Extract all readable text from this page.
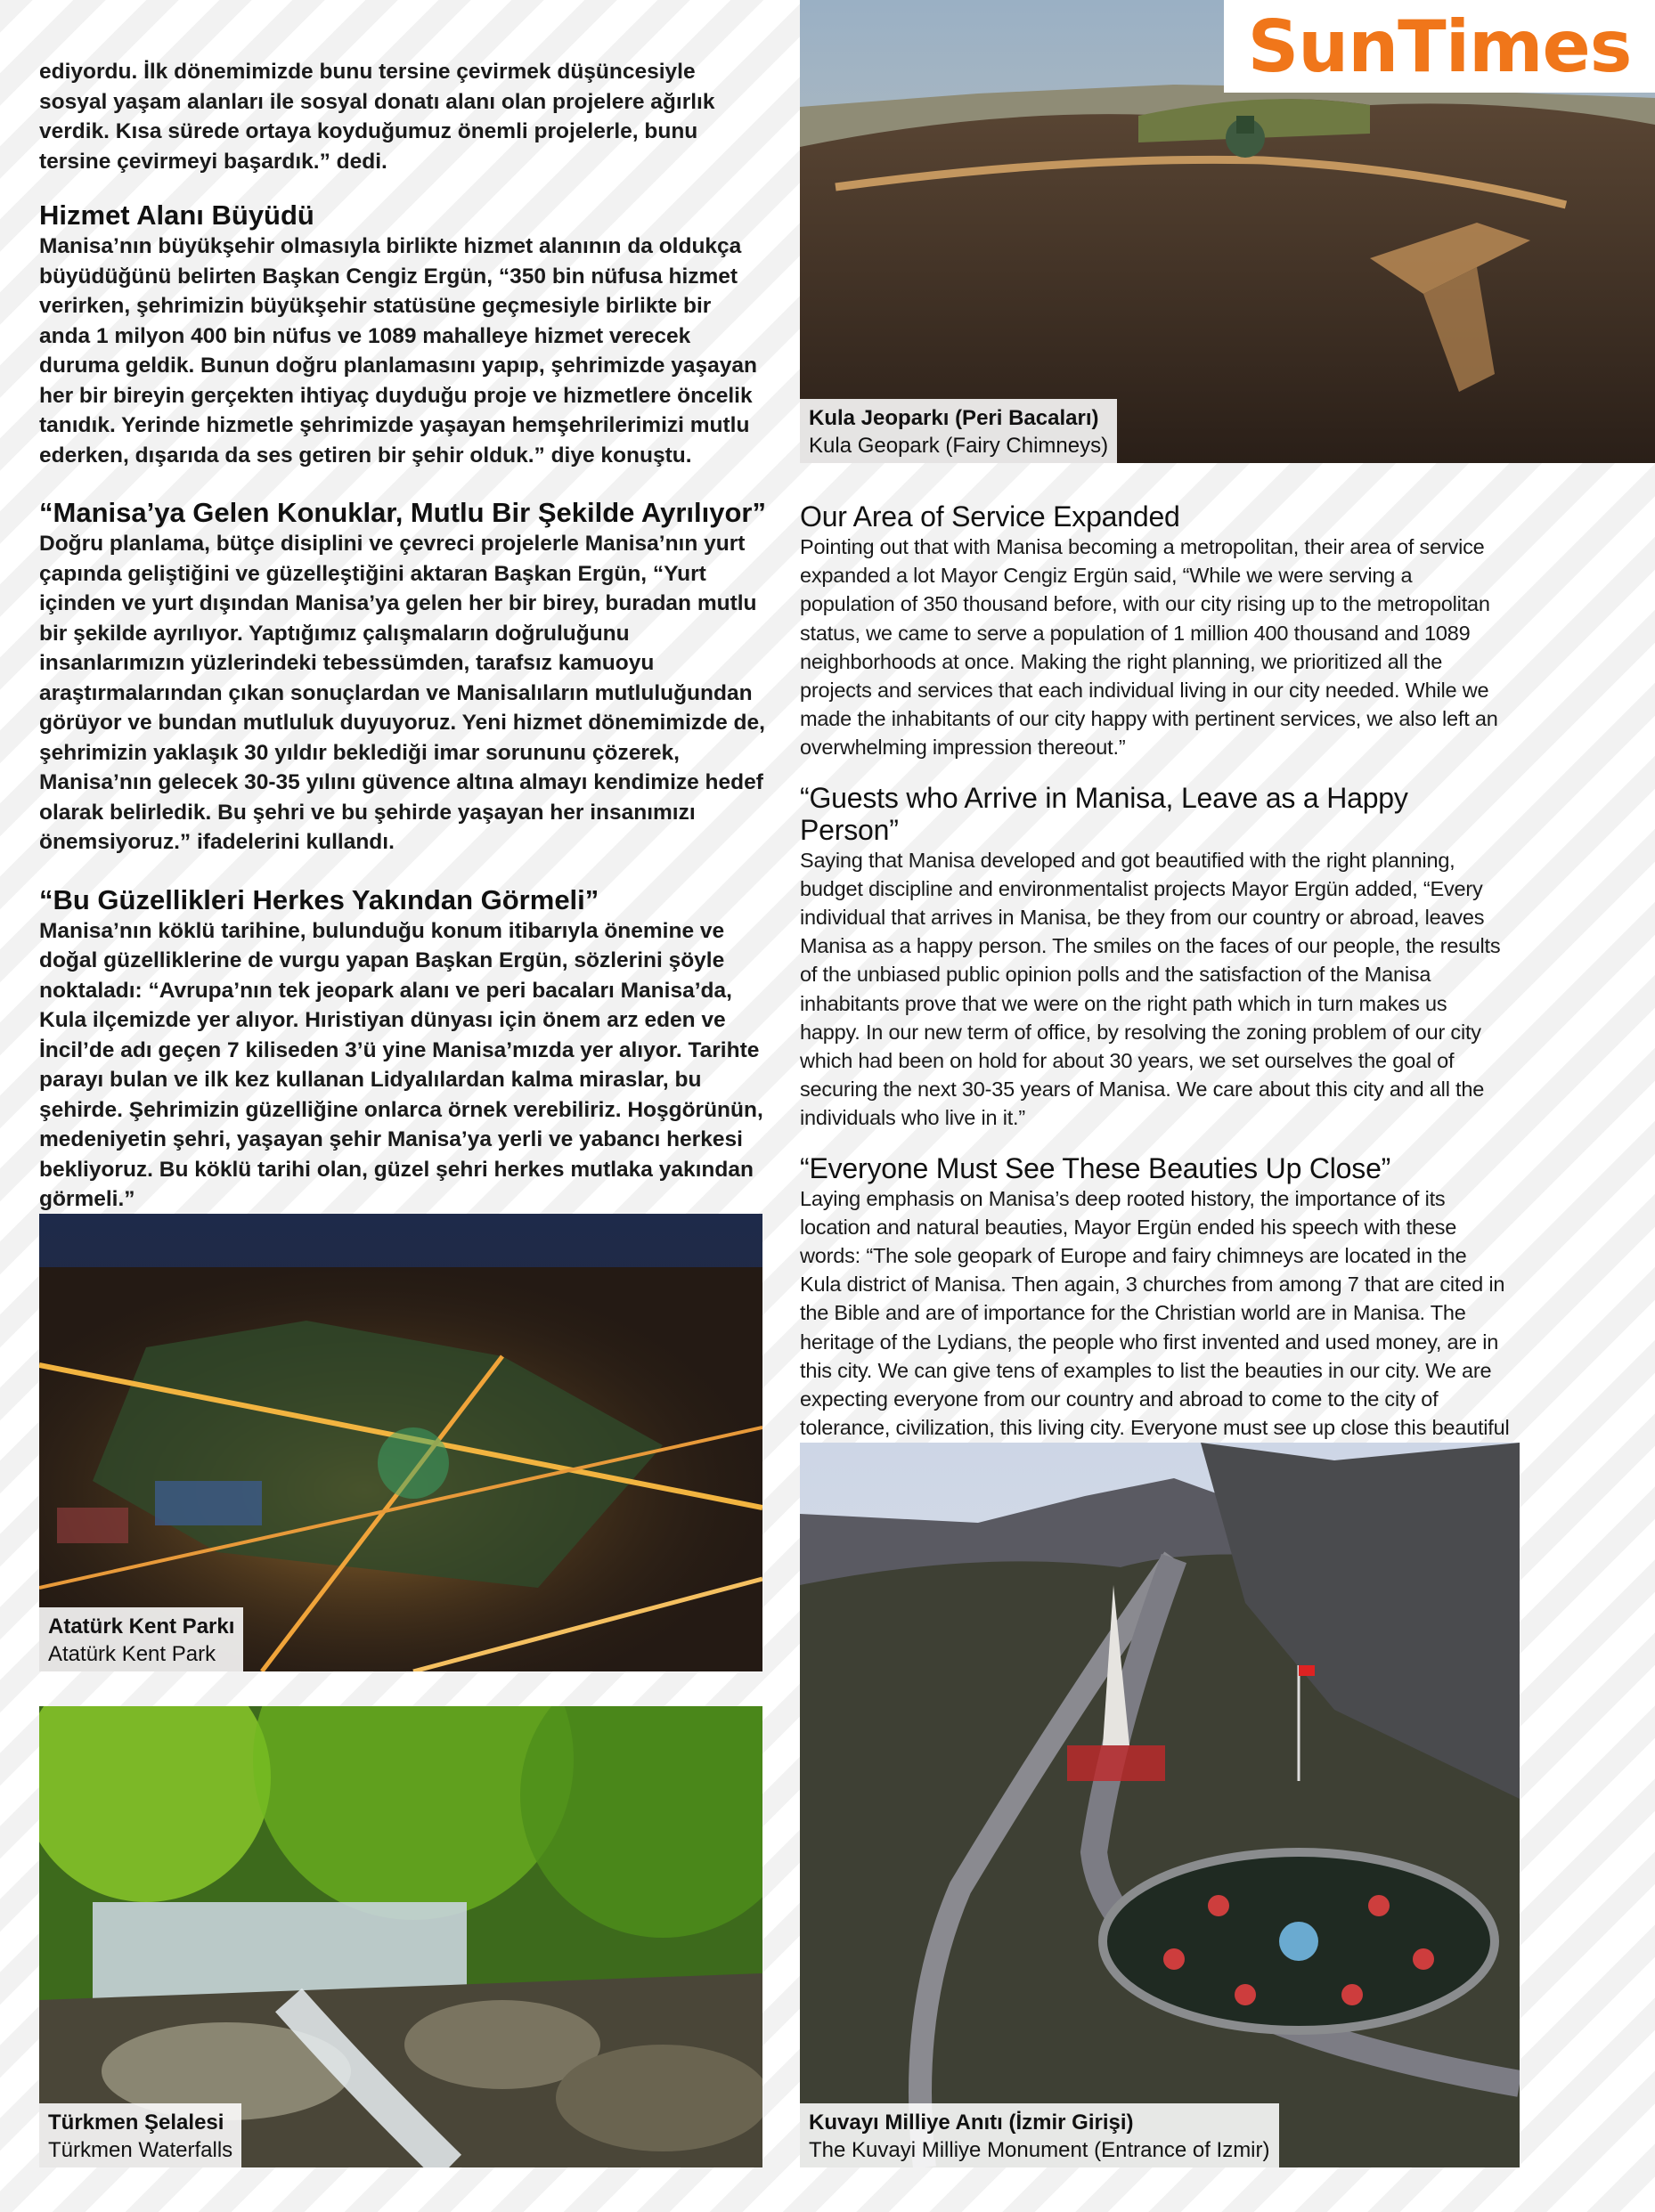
ediyordu. İlk dönemimizde bunu tersine çevirmek düşüncesiyle sosyal yaşam alanları ile sosyal donatı alanı olan projelere ağırlık verdik. Kısa sürede ortaya koyduğumuz önemli projelerle, bunu tersine çevirmeyi başardık.” dedi.

Hizmet Alanı Büyüdü

Manisa’nın büyükşehir olmasıyla birlikte hizmet alanının da oldukça büyüdüğünü belirten Başkan Cengiz Ergün, “350 bin nüfusa hizmet verirken, şehrimizin büyükşehir statüsüne geçmesiyle birlikte bir anda 1 milyon 400 bin nüfus ve 1089 mahalleye hizmet verecek duruma geldik. Bunun doğru planlamasını yapıp, şehrimizde yaşayan her bir bireyin gerçekten ihtiyaç duyduğu proje ve hizmetlere öncelik tanıdık. Yerinde hizmetle şehrimizde yaşayan hemşehrilerimizi mutlu ederken, dışarıda da ses getiren bir şehir olduk.” diye konuştu.

“Manisa’ya Gelen Konuklar, Mutlu Bir Şekilde Ayrılıyor”

Doğru planlama, bütçe disiplini ve çevreci projelerle Manisa’nın yurt çapında geliştiğini ve güzelleştiğini aktaran Başkan Ergün, “Yurt içinden ve yurt dışından Manisa’ya gelen her bir birey, buradan mutlu bir şekilde ayrılıyor. Yaptığımız çalışmaların doğruluğunu insanlarımızın yüzlerindeki tebessümden, tarafsız kamuoyu araştırmalarından çıkan sonuçlardan ve Manisalıların mutluluğundan görüyor ve bundan mutluluk duyuyoruz. Yeni hizmet dönemimizde de, şehrimizin yaklaşık 30 yıldır beklediği imar sorununu çözerek, Manisa’nın gelecek 30-35 yılını güvence altına almayı kendimize hedef olarak belirledik. Bu şehri ve bu şehirde yaşayan her insanımızı önemsiyoruz.” ifadelerini kullandı.

“Bu Güzellikleri Herkes Yakından Görmeli”

Manisa’nın köklü tarihine, bulunduğu konum itibarıyla önemine ve doğal güzelliklerine de vurgu yapan Başkan Ergün, sözlerini şöyle noktaladı: “Avrupa’nın tek jeopark alanı ve peri bacaları Manisa’da, Kula ilçemizde yer alıyor. Hıristiyan dünyası için önem arz eden ve İncil’de adı geçen 7 kiliseden 3’ü yine Manisa’mızda yer alıyor. Tarihte parayı bulan ve ilk kez kullanan Lidyalılardan kalma miraslar, bu şehirde. Şehrimizin güzelliğine onlarca örnek verebiliriz. Hoşgörünün, medeniyetin şehri, yaşayan şehir Manisa’ya yerli ve yabancı herkesi bekliyoruz. Bu köklü tarihi olan, güzel şehri herkes mutlaka yakından görmeli.”

Our Area of Service Expanded

Pointing out that with Manisa becoming a metropolitan, their area of service expanded a lot Mayor Cengiz Ergün said, “While we were serving a population of 350 thousand before, with our city rising up to the metropolitan status, we came to serve a population of 1 million 400 thousand and 1089 neighborhoods at once. Making the right planning, we prioritized all the projects and services that each individual living in our city needed. While we made the inhabitants of our city happy with pertinent services, we also left an overwhelming impression thereout.”

“Guests who Arrive in Manisa, Leave as a Happy Person”

Saying that Manisa developed and got beautified with the right planning, budget discipline and environmentalist projects Mayor Ergün added, “Every individual that arrives in Manisa, be they from our country or abroad, leaves Manisa as a happy person. The smiles on the faces of our people, the results of the unbiased public opinion polls and the satisfaction of the Manisa inhabitants prove that we were on the right path which in turn makes us happy. In our new term of office, by resolving the zoning problem of our city which had been on hold for about 30 years, we set ourselves the goal of securing the next 30-35 years of Manisa. We care about this city and all the individuals who live in it.”

“Everyone Must See These Beauties Up Close”

Laying emphasis on Manisa’s deep rooted history, the importance of its location and natural beauties, Mayor Ergün ended his speech with these words: “The sole geopark of Europe and fairy chimneys are located in the Kula district of Manisa. Then again, 3 churches from among 7 that are cited in the Bible and are of importance for the Christian world are in Manisa. The heritage of the Lydians, the people who first invented and used money, are in this city. We can give tens of examples to list the beauties in our city. We are expecting everyone from our country and abroad to come to the city of tolerance, civilization, this living city. Everyone must see up close this beautiful

Kula Jeoparkı (Peri Bacaları)
Kula Geopark (Fairy Chimneys)
SunTimes
Atatürk Kent Parkı
Atatürk Kent Park
Türkmen Şelalesi
Türkmen Waterfalls
Kuvayı Milliye Anıtı (İzmir Girişi)
The Kuvayi Milliye Monument (Entrance of Izmir)
